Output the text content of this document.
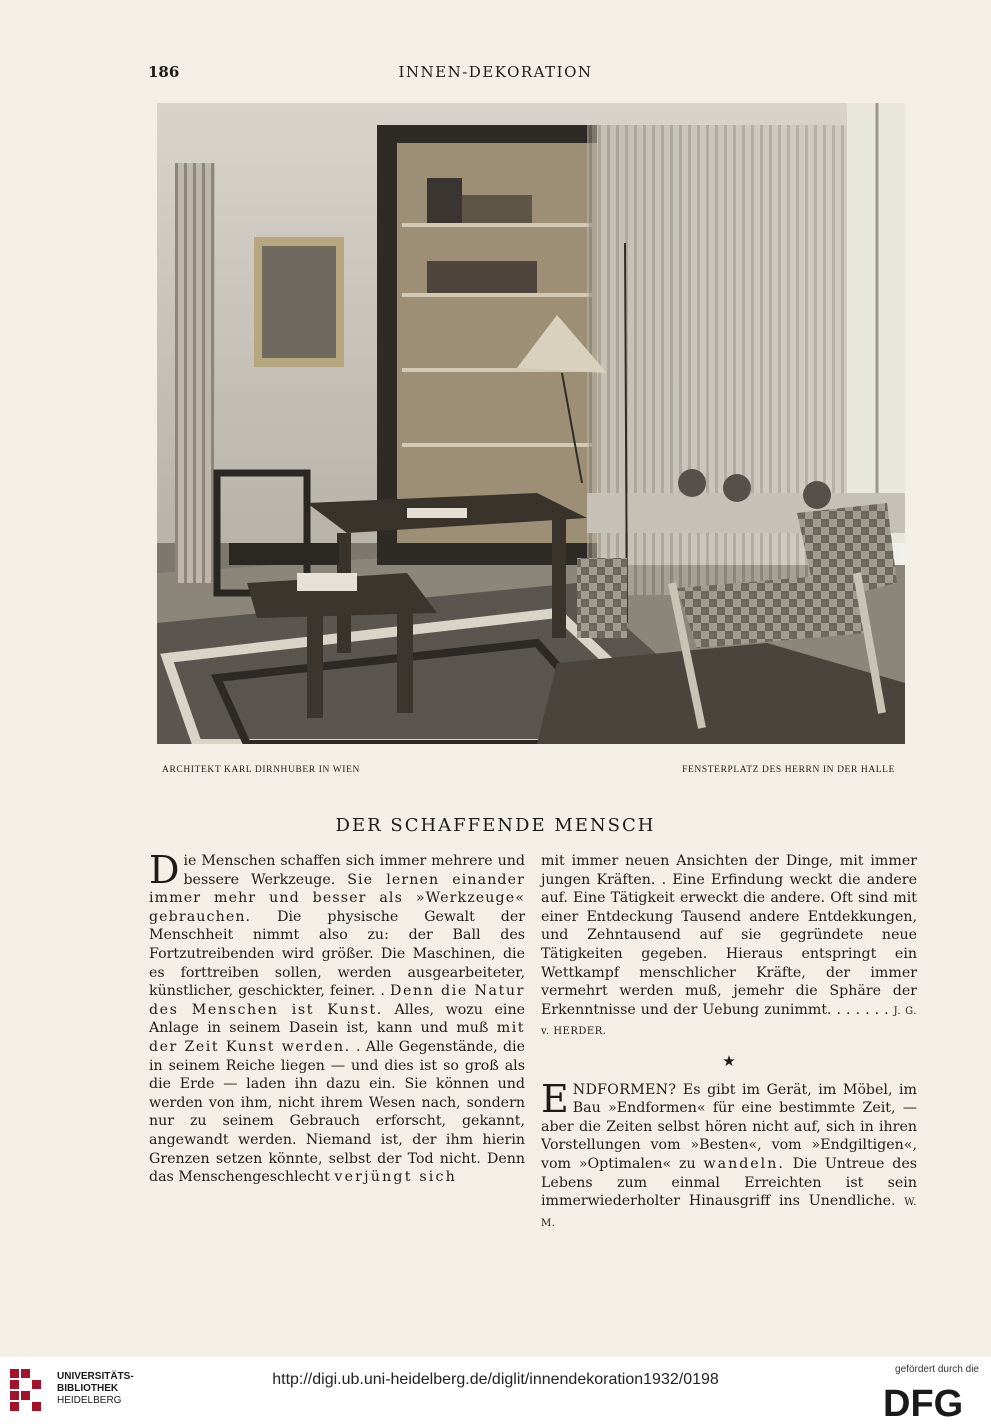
186	INNEN-DEKORATION
ARCHITEKT KARL DIRNHUBER IN WIEN	FENSTERPLATZ DES HERRN IN DER HALLE
DER SCHAFFENDE MENSCH

Die Menschen schaffen sich immer mehrere und bessere Werkzeuge. Sie lernen einander immer mehr und besser als »Werkzeuge« gebrauchen. Die physische Gewalt der Menschheit nimmt also zu: der Ball des Fortzutreibenden wird größer. Die Maschinen, die es forttreiben sollen, werden ausgearbeiteter, künstlicher, geschickter, feiner. . Denn die Natur des Menschen ist Kunst. Alles, wozu eine Anlage in seinem Dasein ist, kann und muß mit der Zeit Kunst werden. . Alle Gegenstände, die in seinem Reiche liegen — und dies ist so groß als die Erde — laden ihn dazu ein. Sie können und werden von ihm, nicht ihrem Wesen nach, sondern nur zu seinem Gebrauch erforscht, gekannt, angewandt werden. Niemand ist, der ihm hierin Grenzen setzen könnte, selbst der Tod nicht. Denn das Menschengeschlecht verjüngt sich

mit immer neuen Ansichten der Dinge, mit immer jungen Kräften. . Eine Erfindung weckt die andere auf. Eine Tätigkeit erweckt die andere. Oft sind mit einer Entdeckung Tausend andere Entdekkungen, und Zehntausend auf sie gegründete neue Tätigkeiten gegeben. Hieraus entspringt ein Wettkampf menschlicher Kräfte, der immer vermehrt werden muß, jemehr die Sphäre der Erkenntnisse und der Uebung zunimmt. . . . . . . J. G. v. HERDER.

★

ENDFORMEN? Es gibt im Gerät, im Möbel, im Bau »Endformen« für eine bestimmte Zeit, — aber die Zeiten selbst hören nicht auf, sich in ihren Vorstellungen vom »Besten«, vom »Endgiltigen«, vom »Optimalen« zu wandeln. Die Untreue des Lebens zum einmal Erreichten ist sein immerwiederholter Hinausgriff ins Unendliche. W. M.

UNIVERSITÄTS-
BIBLIOTHEK
HEIDELBERG
http://digi.ub.uni-heidelberg.de/diglit/innendekoration1932/0198
gefördert durch die
DFG
